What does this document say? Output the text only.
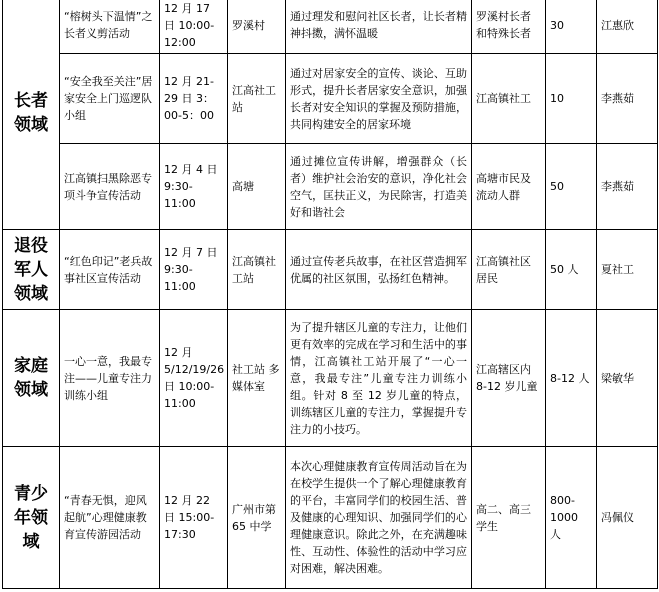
长者领域	“榕树头下温情”之长者义剪活动	12 月 17 日 10:00-12:00	罗溪村	通过理发和慰问社区长者，让长者精神抖擞，满怀温暖	罗溪村长者和特殊长者	30	江惠欣
	“安全我至关注”居家安全上门巡逻队小组	12 月 21-29 日 3：00-5：00	江高社工站	通过对居家安全的宣传、谈论、互助形式，提升长者居家安全意识，加强长者对安全知识的掌握及预防措施，共同构建安全的居家环境	江高镇社工	10	李燕茹
	江高镇扫黑除恶专项斗争宣传活动	12 月 4 日 9:30-11:00	高塘	通过摊位宣传讲解，增强群众（长者）维护社会治安的意识，净化社会空气，匡扶正义，为民除害，打造美好和谐社会	高塘市民及流动人群	50	李燕茹
退役军人领域	“红色印记”老兵故事社区宣传活动	12 月 7 日 9:30-11:00	江高镇社工站	通过宣传老兵故事，在社区营造拥军优属的社区氛围，弘扬红色精神。	江高镇社区居民	50 人	夏社工
家庭领域	一心一意，我最专注——儿童专注力训练小组	12 月 5/12/19/26 日 10:00-11:00	社工站 多媒体室	为了提升辖区儿童的专注力，让他们更有效率的完成在学习和生活中的事情，江高镇社工站开展了“一心一意，我最专注”儿童专注力训练小组。针对 8 至 12 岁儿童的特点，训练辖区儿童的专注力，掌握提升专注力的小技巧。	江高辖区内 8-12 岁儿童	8-12 人	梁敏华
青少年领域	“青春无惧，迎风起航”心理健康教育宣传游园活动	12 月 22 日 15:00-17:30	广州市第 65 中学	本次心理健康教育宣传周活动旨在为在校学生提供一个了解心理健康教育的平台，丰富同学们的校园生活、普及健康的心理知识、加强同学们的心理健康意识。除此之外，在充满趣味性、互动性、体验性的活动中学习应对困难，解决困难。	高二、高三学生	800-1000 人	冯佩仪
